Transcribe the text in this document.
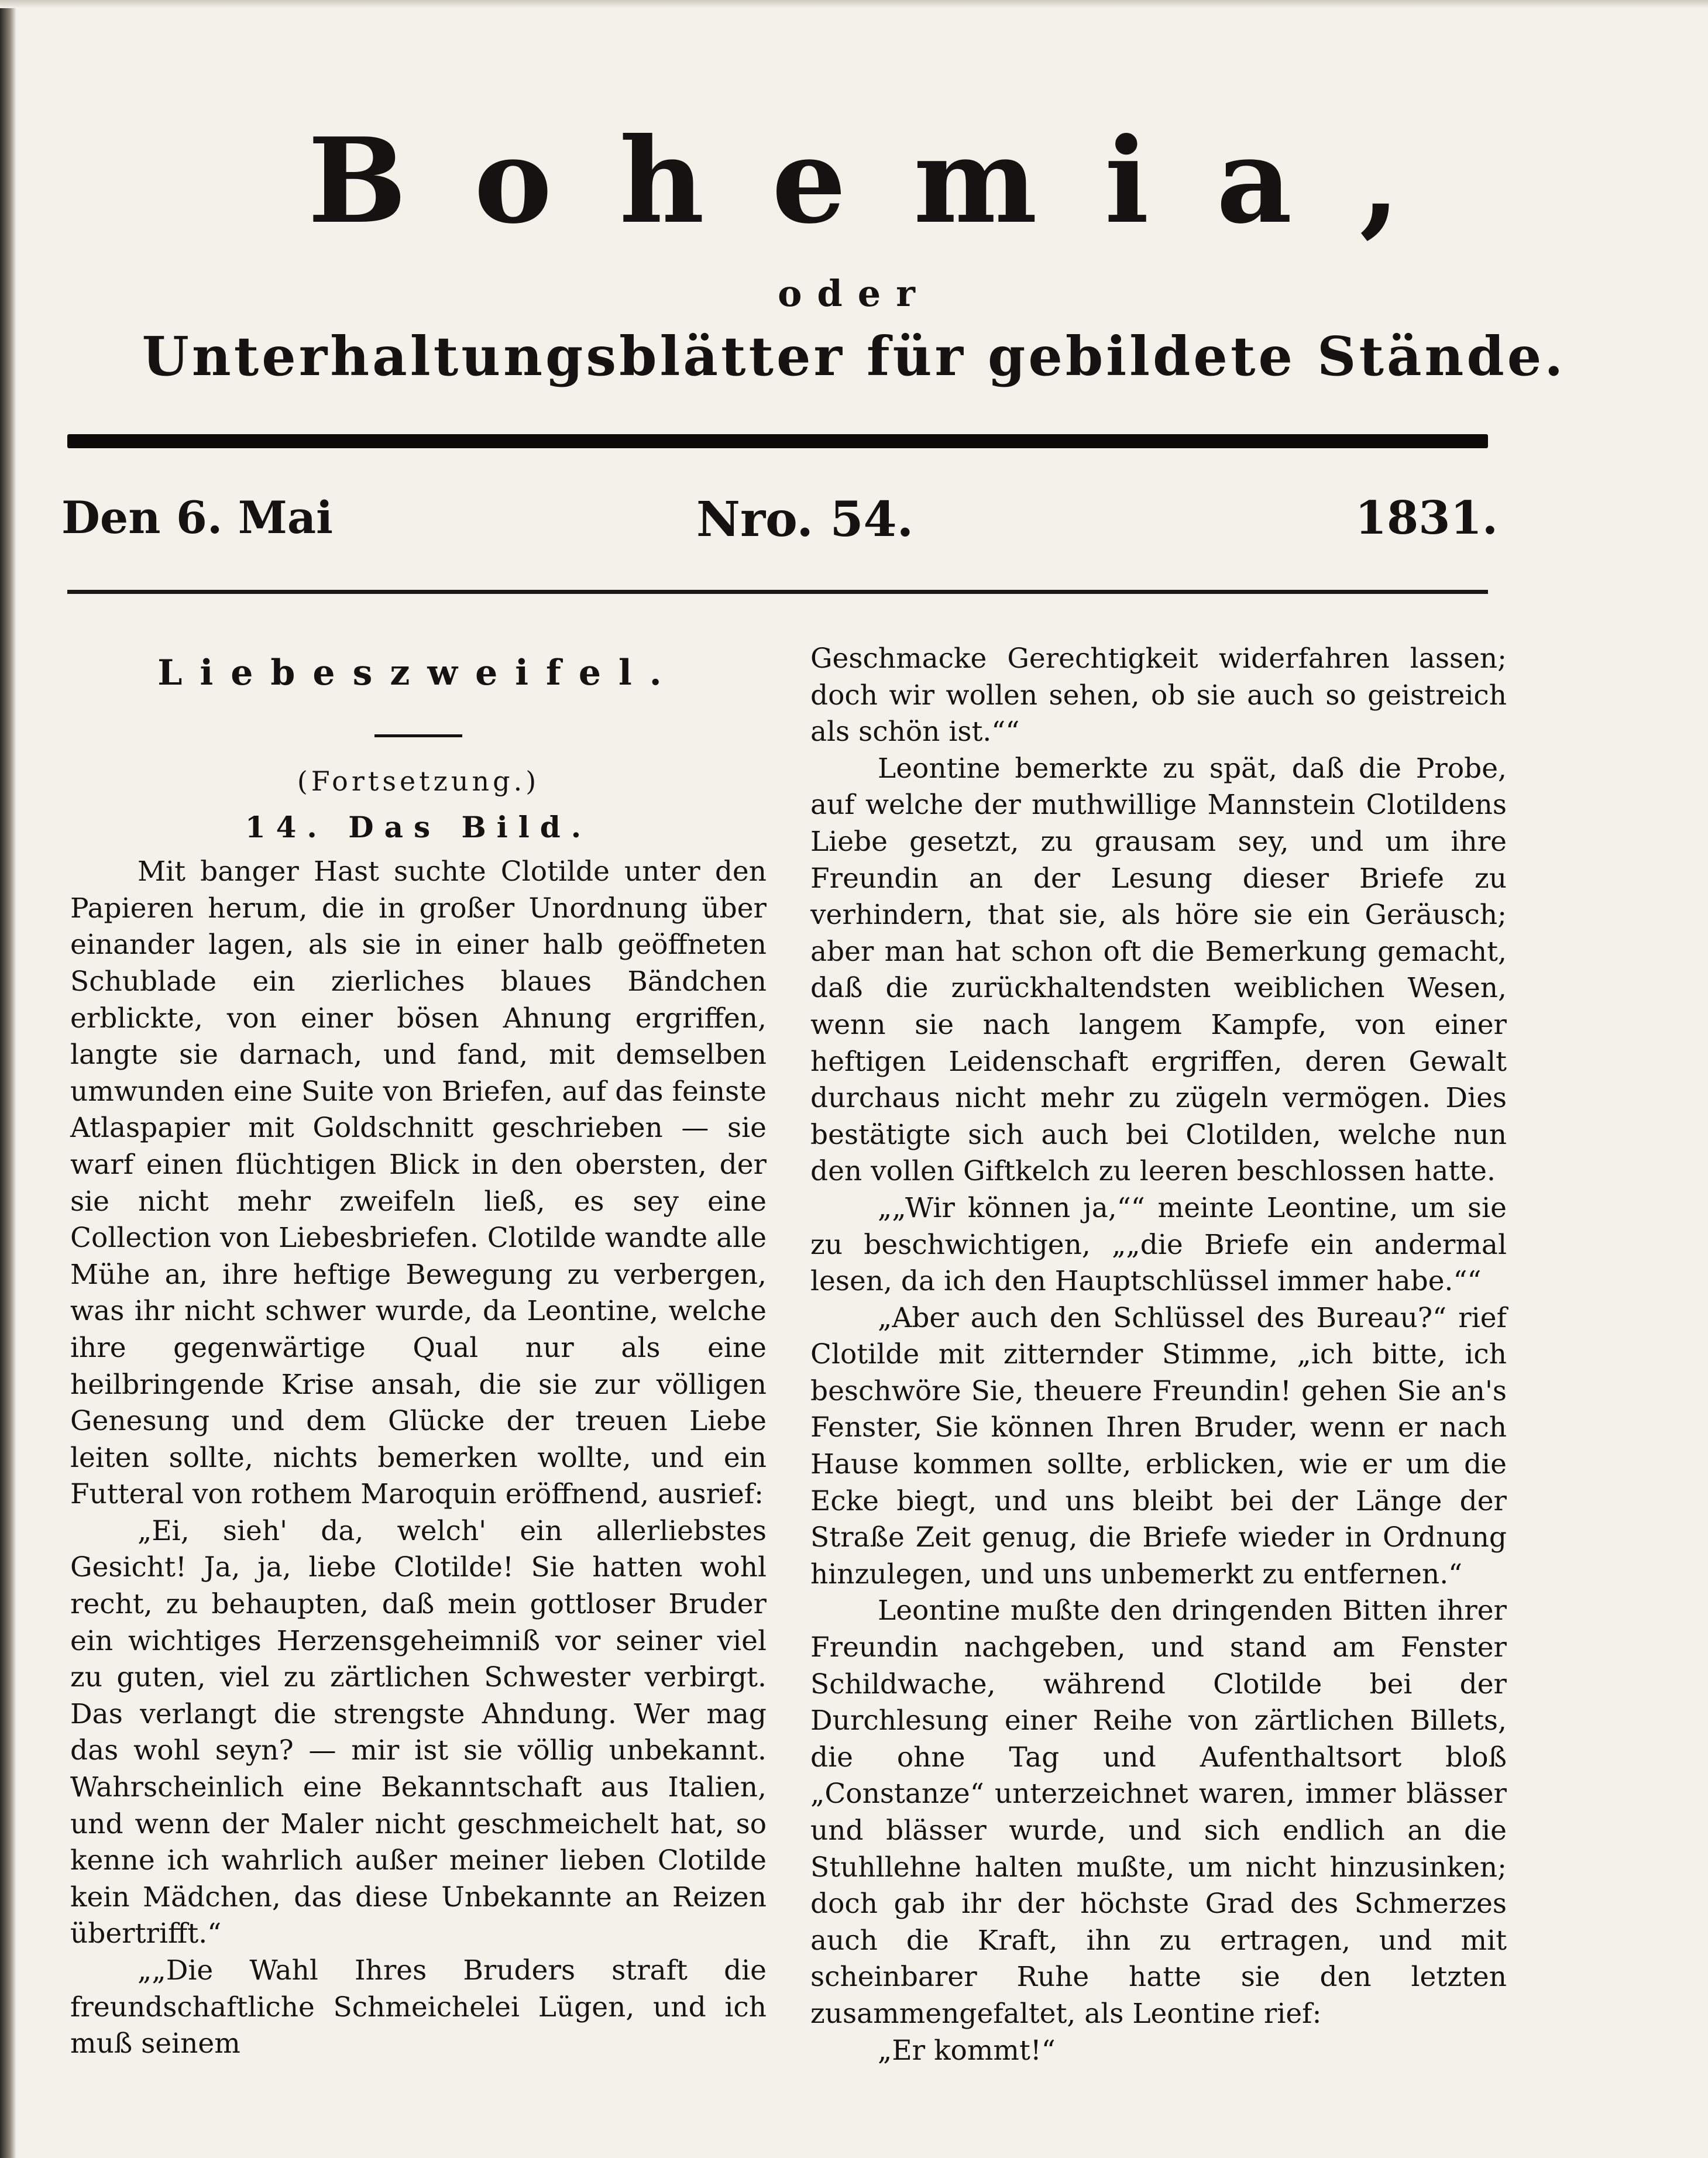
Bohemia,
oder
Unterhaltungsblätter für gebildete Stände.
Den 6. Mai	Nro. 54.	1831.
Liebeszweifel.
(Fortsetzung.)
14. Das Bild.

Mit banger Hast suchte Clotilde unter den Papieren herum, die in großer Unordnung über einander lagen, als sie in einer halb geöffneten Schublade ein zierliches blaues Bändchen erblickte, von einer bösen Ahnung ergriffen, langte sie darnach, und fand, mit demselben umwunden eine Suite von Briefen, auf das feinste Atlaspapier mit Goldschnitt geschrieben — sie warf einen flüchtigen Blick in den obersten, der sie nicht mehr zweifeln ließ, es sey eine Collection von Liebesbriefen. Clotilde wandte alle Mühe an, ihre heftige Bewegung zu verbergen, was ihr nicht schwer wurde, da Leontine, welche ihre gegenwärtige Qual nur als eine heilbringende Krise ansah, die sie zur völligen Genesung und dem Glücke der treuen Liebe leiten sollte, nichts bemerken wollte, und ein Futteral von rothem Maroquin eröffnend, ausrief:

„Ei, sieh' da, welch' ein allerliebstes Gesicht! Ja, ja, liebe Clotilde! Sie hatten wohl recht, zu behaupten, daß mein gottloser Bruder ein wichtiges Herzensgeheimniß vor seiner viel zu guten, viel zu zärtlichen Schwester verbirgt. Das verlangt die strengste Ahndung. Wer mag das wohl seyn? — mir ist sie völlig unbekannt. Wahrscheinlich eine Bekanntschaft aus Italien, und wenn der Maler nicht geschmeichelt hat, so kenne ich wahrlich außer meiner lieben Clotilde kein Mädchen, das diese Unbekannte an Reizen übertrifft.“

„„Die Wahl Ihres Bruders straft die freundschaftliche Schmeichelei Lügen, und ich muß seinem

Geschmacke Gerechtigkeit widerfahren lassen; doch wir wollen sehen, ob sie auch so geistreich als schön ist.““

Leontine bemerkte zu spät, daß die Probe, auf welche der muthwillige Mannstein Clotildens Liebe gesetzt, zu grausam sey, und um ihre Freundin an der Lesung dieser Briefe zu verhindern, that sie, als höre sie ein Geräusch; aber man hat schon oft die Bemerkung gemacht, daß die zurückhaltendsten weiblichen Wesen, wenn sie nach langem Kampfe, von einer heftigen Leidenschaft ergriffen, deren Gewalt durchaus nicht mehr zu zügeln vermögen. Dies bestätigte sich auch bei Clotilden, welche nun den vollen Giftkelch zu leeren beschlossen hatte.

„„Wir können ja,““ meinte Leontine, um sie zu beschwichtigen, „„die Briefe ein andermal lesen, da ich den Hauptschlüssel immer habe.““

„Aber auch den Schlüssel des Bureau?“ rief Clotilde mit zitternder Stimme, „ich bitte, ich beschwöre Sie, theuere Freundin! gehen Sie an's Fenster, Sie können Ihren Bruder, wenn er nach Hause kommen sollte, erblicken, wie er um die Ecke biegt, und uns bleibt bei der Länge der Straße Zeit genug, die Briefe wieder in Ordnung hinzulegen, und uns unbemerkt zu entfernen.“

Leontine mußte den dringenden Bitten ihrer Freundin nachgeben, und stand am Fenster Schildwache, während Clotilde bei der Durchlesung einer Reihe von zärtlichen Billets, die ohne Tag und Aufenthaltsort bloß „Constanze“ unterzeichnet waren, immer blässer und blässer wurde, und sich endlich an die Stuhllehne halten mußte, um nicht hinzusinken; doch gab ihr der höchste Grad des Schmerzes auch die Kraft, ihn zu ertragen, und mit scheinbarer Ruhe hatte sie den letzten zusammengefaltet, als Leontine rief:

„Er kommt!“
